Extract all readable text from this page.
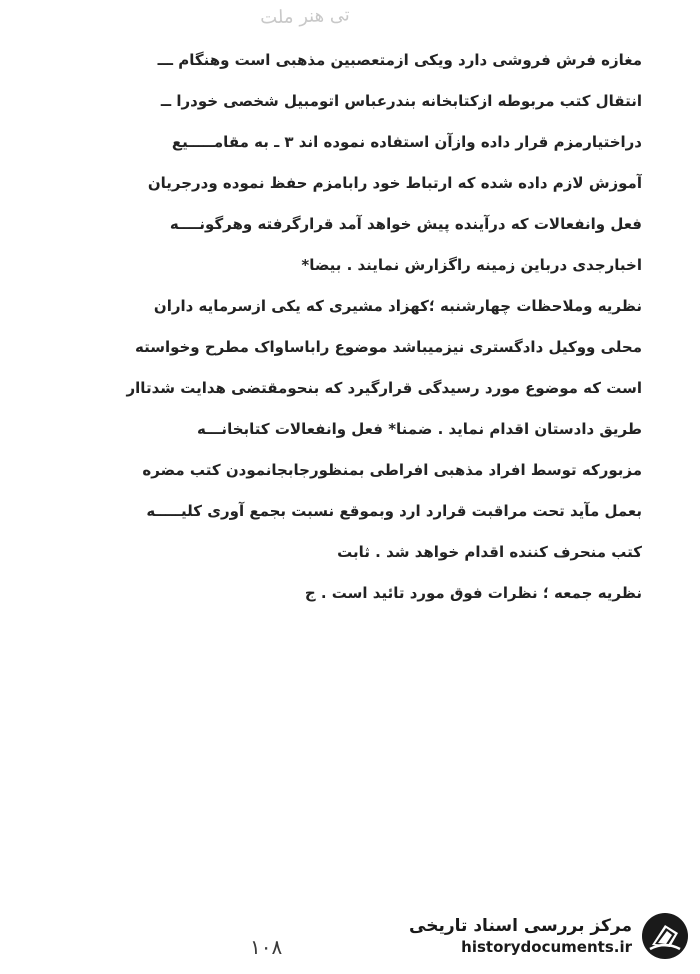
تی هنر ملت
مغازه فرش فروشی دارد ویکی ازمتعصبین مذهبی است وهنگام ـــ
انتقال کتب مربوطه ازکتابخانه بندرعباس اتومبیل شخصی خودرا ــ
دراختیارمزم قرار داده وازآن استفاده نموده اند ۳ ـ به مقامـــــیع
آموزش لازم داده شده که ارتباط خود رابامزم حفظ نموده ودرجریان
فعل وانفعالات که درآینده پیش خواهد آمد قرارگرفته وهرگونــــه
اخبارجدی درباین زمینه راگزارش نمایند . بیضا*
نظریه وملاحظات چهارشنبه ؛کهزاد مشیری که یکی ازسرمایه داران
محلی ووکیل دادگستری نیزمیباشد موضوع راباساواک مطرح وخواسته
است که موضوع مورد رسیدگی قرارگیرد که بنحومقتضی هدایت شدتاار
طریق دادستان اقدام نماید . ضمنا* فعل وانفعالات کتابخانـــه
مزبورکه توسط افراد مذهبی افراطی بمنظورجابجانمودن کتب مضره
بعمل مآید تحت مراقبت قرارد ارد وبموقع نسبت بجمع آوری کلیـــــه
کتب منحرف کننده اقدام خواهد شد . ثابت
نظریه جمعه ؛ نظرات فوق مورد تائید است . ج
۱۰۸
مرکز بررسی اسناد تاریخی
historydocuments.ir
